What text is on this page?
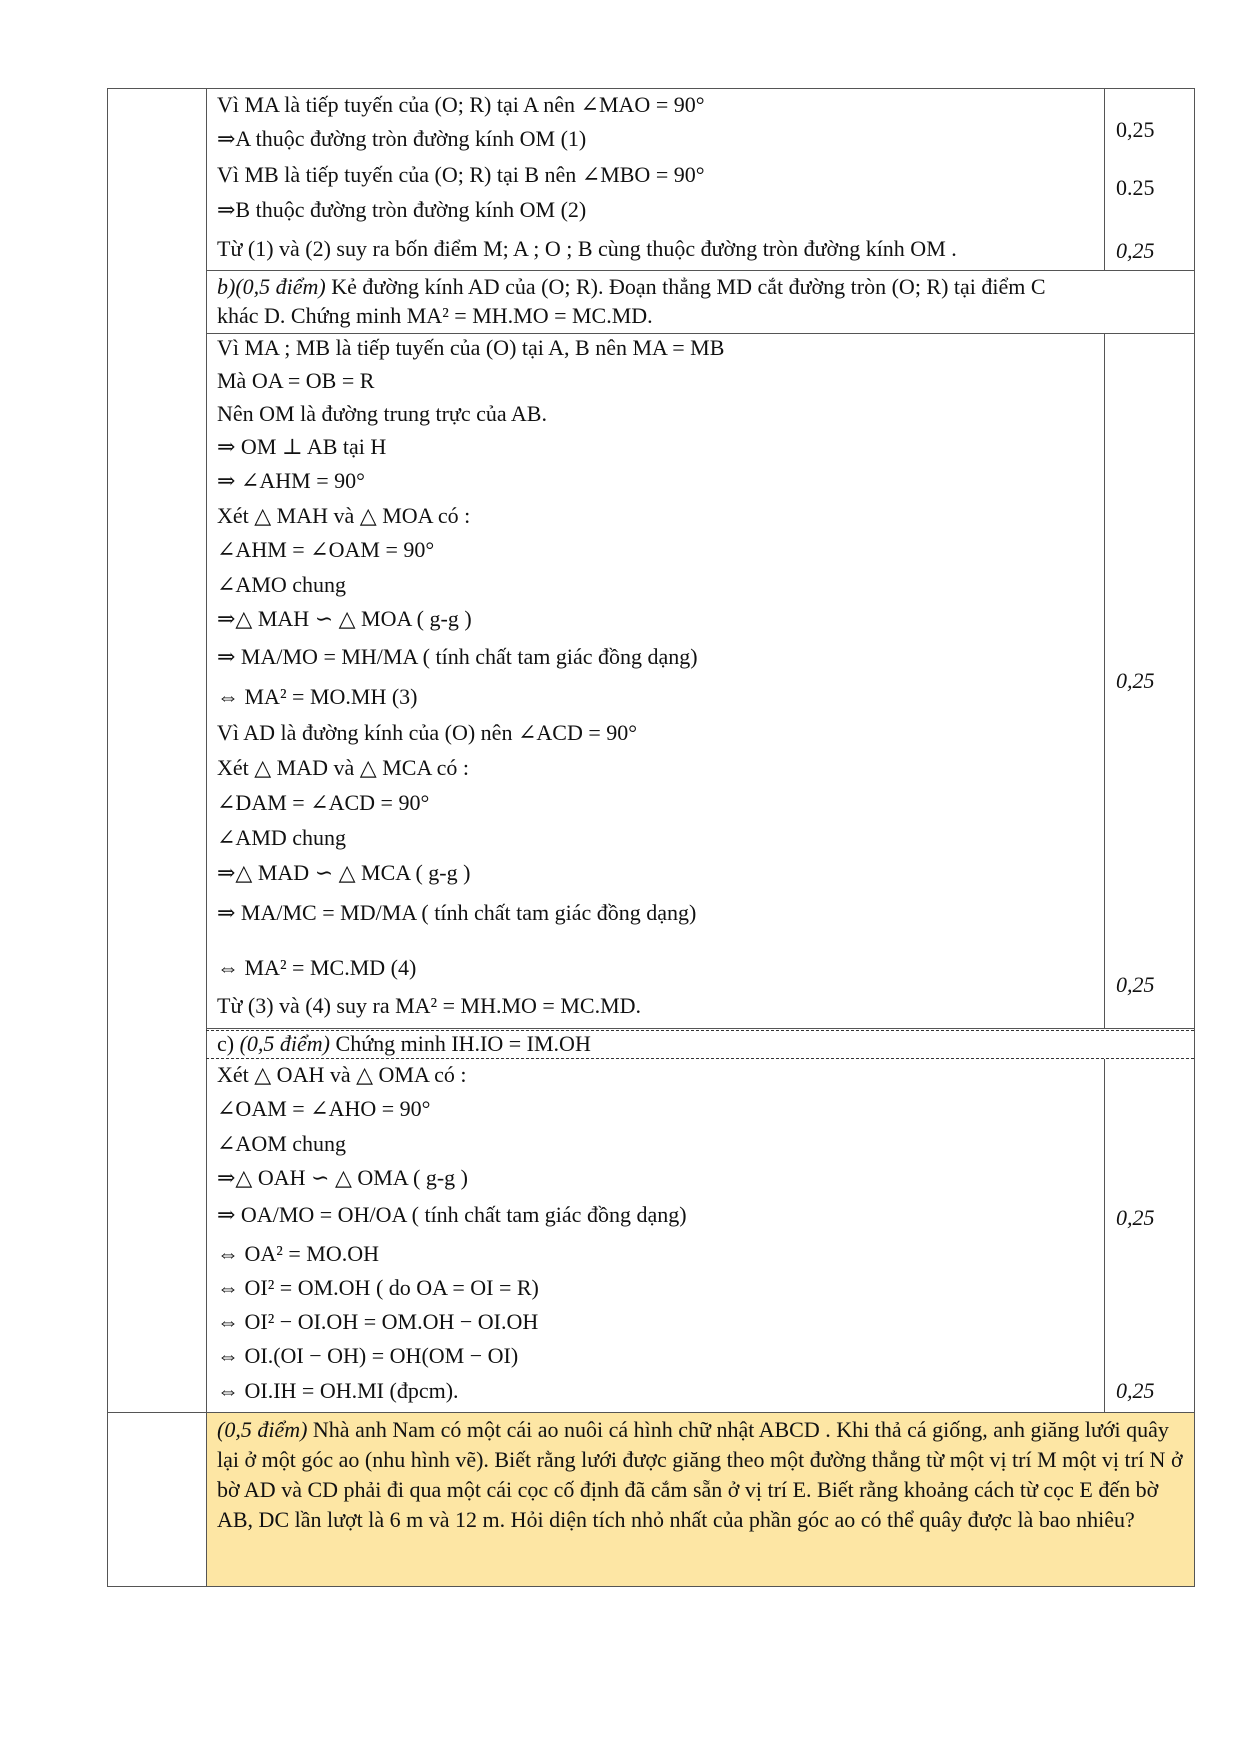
Vì MA là tiếp tuyến của (O; R) tại A nên ∠MAO = 90°
⇒A thuộc đường tròn đường kính OM (1)
Vì MB là tiếp tuyến của (O; R) tại B nên ∠MBO = 90°
⇒B thuộc đường tròn đường kính OM (2)
Từ (1) và (2) suy ra bốn điểm M; A ; O ; B cùng thuộc đường tròn đường kính OM .
0,25
0.25
0,25
b)(0,5 điểm) Kẻ đường kính AD của (O; R). Đoạn thẳng MD cắt đường tròn (O; R) tại điểm C
khác D. Chứng minh MA² = MH.MO = MC.MD.
Vì MA ; MB là tiếp tuyến của (O) tại A, B nên MA = MB
Mà OA = OB = R
Nên OM là đường trung trực của AB.
⇒ OM ⊥ AB tại H
⇒ ∠AHM = 90°
Xét △ MAH và △ MOA có :
∠AHM = ∠OAM = 90°
∠AMO chung
⇒△ MAH ∽ △ MOA ( g-g )
⇒ MA/MO = MH/MA ( tính chất tam giác đồng dạng)
⇔ MA² = MO.MH (3)
Vì AD là đường kính của (O) nên ∠ACD = 90°
Xét △ MAD và △ MCA có :
∠DAM = ∠ACD = 90°
∠AMD chung
⇒△ MAD ∽ △ MCA ( g-g )
⇒ MA/MC = MD/MA ( tính chất tam giác đồng dạng)
⇔ MA² = MC.MD (4)
Từ (3) và (4) suy ra MA² = MH.MO = MC.MD.
0,25
0,25
c) (0,5 điểm) Chứng minh IH.IO = IM.OH
Xét △ OAH và △ OMA có :
∠OAM = ∠AHO = 90°
∠AOM chung
⇒△ OAH ∽ △ OMA ( g-g )
⇒ OA/MO = OH/OA ( tính chất tam giác đồng dạng)
⇔ OA² = MO.OH
⇔ OI² = OM.OH ( do OA = OI = R)
⇔ OI² − OI.OH = OM.OH − OI.OH
⇔ OI.(OI − OH) = OH(OM − OI)
⇔ OI.IH = OH.MI (đpcm).
0,25
0,25
(0,5 điểm) Nhà anh Nam có một cái ao nuôi cá hình chữ nhật ABCD . Khi thả cá giống, anh giăng lưới quây lại ở một góc ao (nhu hình vẽ). Biết rằng lưới được giăng theo một đường thẳng từ một vị trí M một vị trí N ở bờ AD và CD phải đi qua một cái cọc cố định đã cắm sẵn ở vị trí E. Biết rằng khoảng cách từ cọc E đến bờ AB, DC lần lượt là 6 m và 12 m. Hỏi diện tích nhỏ nhất của phần góc ao có thể quây được là bao nhiêu?
